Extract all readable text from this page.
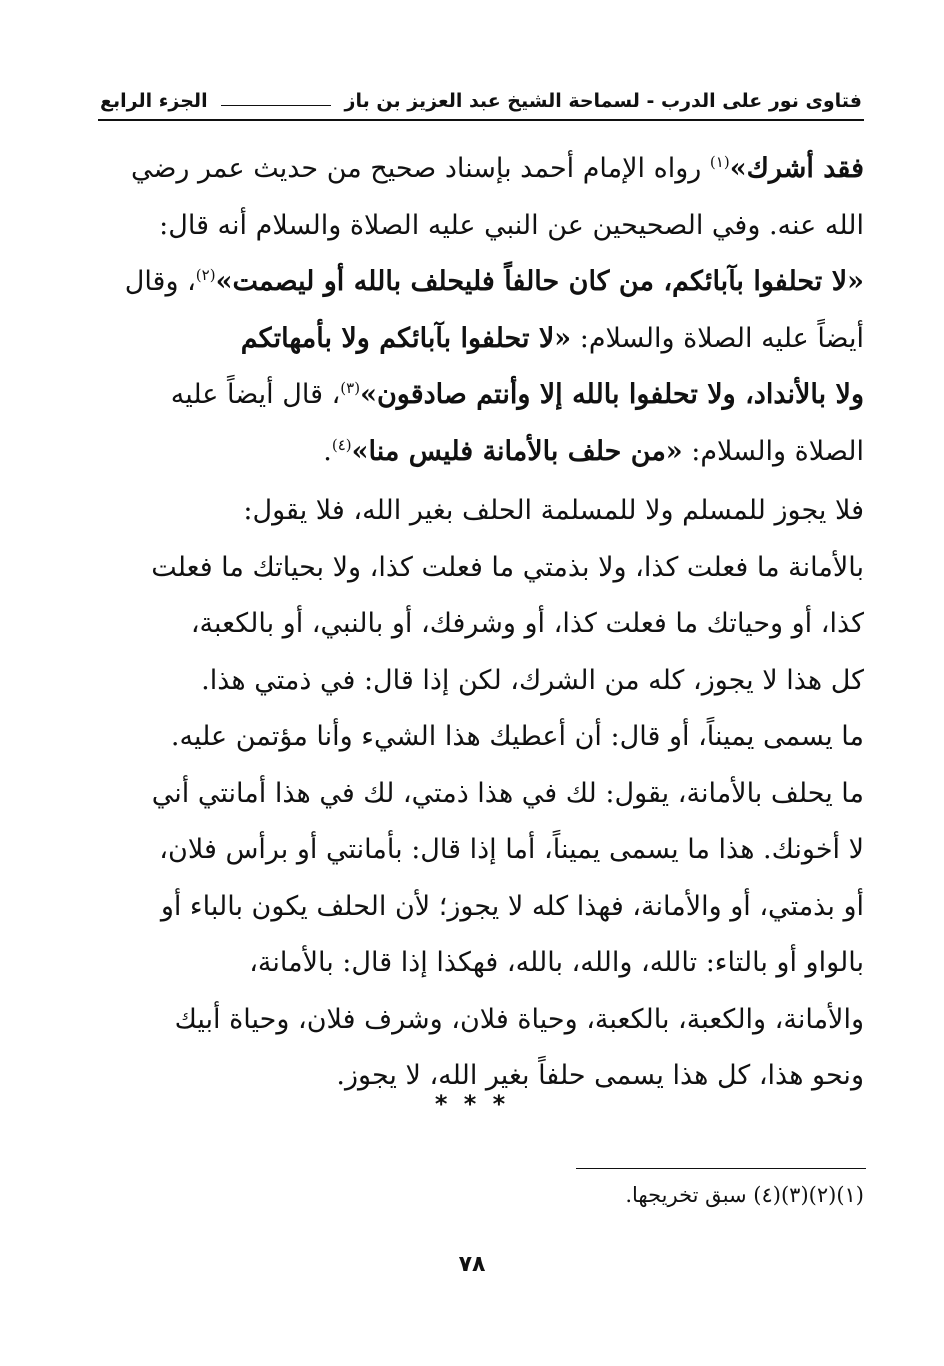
فتاوى نور على الدرب - لسماحة الشيخ عبد العزيز بن باز
الجزء الرابع
فقد أشرك»$^{(١)}$ رواه الإمام أحمد بإسناد صحيح من حديث عمر رضي
الله عنه. وفي الصحيحين عن النبي عليه الصلاة والسلام أنه قال:
«لا تحلفوا بآبائكم، من كان حالفاً فليحلف بالله أو ليصمت»$^{(٢)}$، وقال
أيضاً عليه الصلاة والسلام: «لا تحلفوا بآبائكم ولا بأمهاتكم
ولا بالأنداد، ولا تحلفوا بالله إلا وأنتم صادقون»$^{(٣)}$، قال أيضاً عليه
الصلاة والسلام: «من حلف بالأمانة فليس منا»$^{(٤)}$.
فلا يجوز للمسلم ولا للمسلمة الحلف بغير الله، فلا يقول:
بالأمانة ما فعلت كذا، ولا بذمتي ما فعلت كذا، ولا بحياتك ما فعلت
كذا، أو وحياتك ما فعلت كذا، أو وشرفك، أو بالنبي، أو بالكعبة،
كل هذا لا يجوز، كله من الشرك، لكن إذا قال: في ذمتي هذا.
ما يسمى يميناً، أو قال: أن أعطيك هذا الشيء وأنا مؤتمن عليه.
ما يحلف بالأمانة، يقول: لك في هذا ذمتي، لك في هذا أمانتي أني
لا أخونك. هذا ما يسمى يميناً، أما إذا قال: بأمانتي أو برأس فلان،
أو بذمتي، أو والأمانة، فهذا كله لا يجوز؛ لأن الحلف يكون بالباء أو
بالواو أو بالتاء: تالله، والله، بالله، فهكذا إذا قال: بالأمانة،
والأمانة، والكعبة، بالكعبة، وحياة فلان، وشرف فلان، وحياة أبيك
ونحو هذا، كل هذا يسمى حلفاً بغير الله، لا يجوز.
* * *
(١)(٢)(٣)(٤) سبق تخريجها.
٧٨
